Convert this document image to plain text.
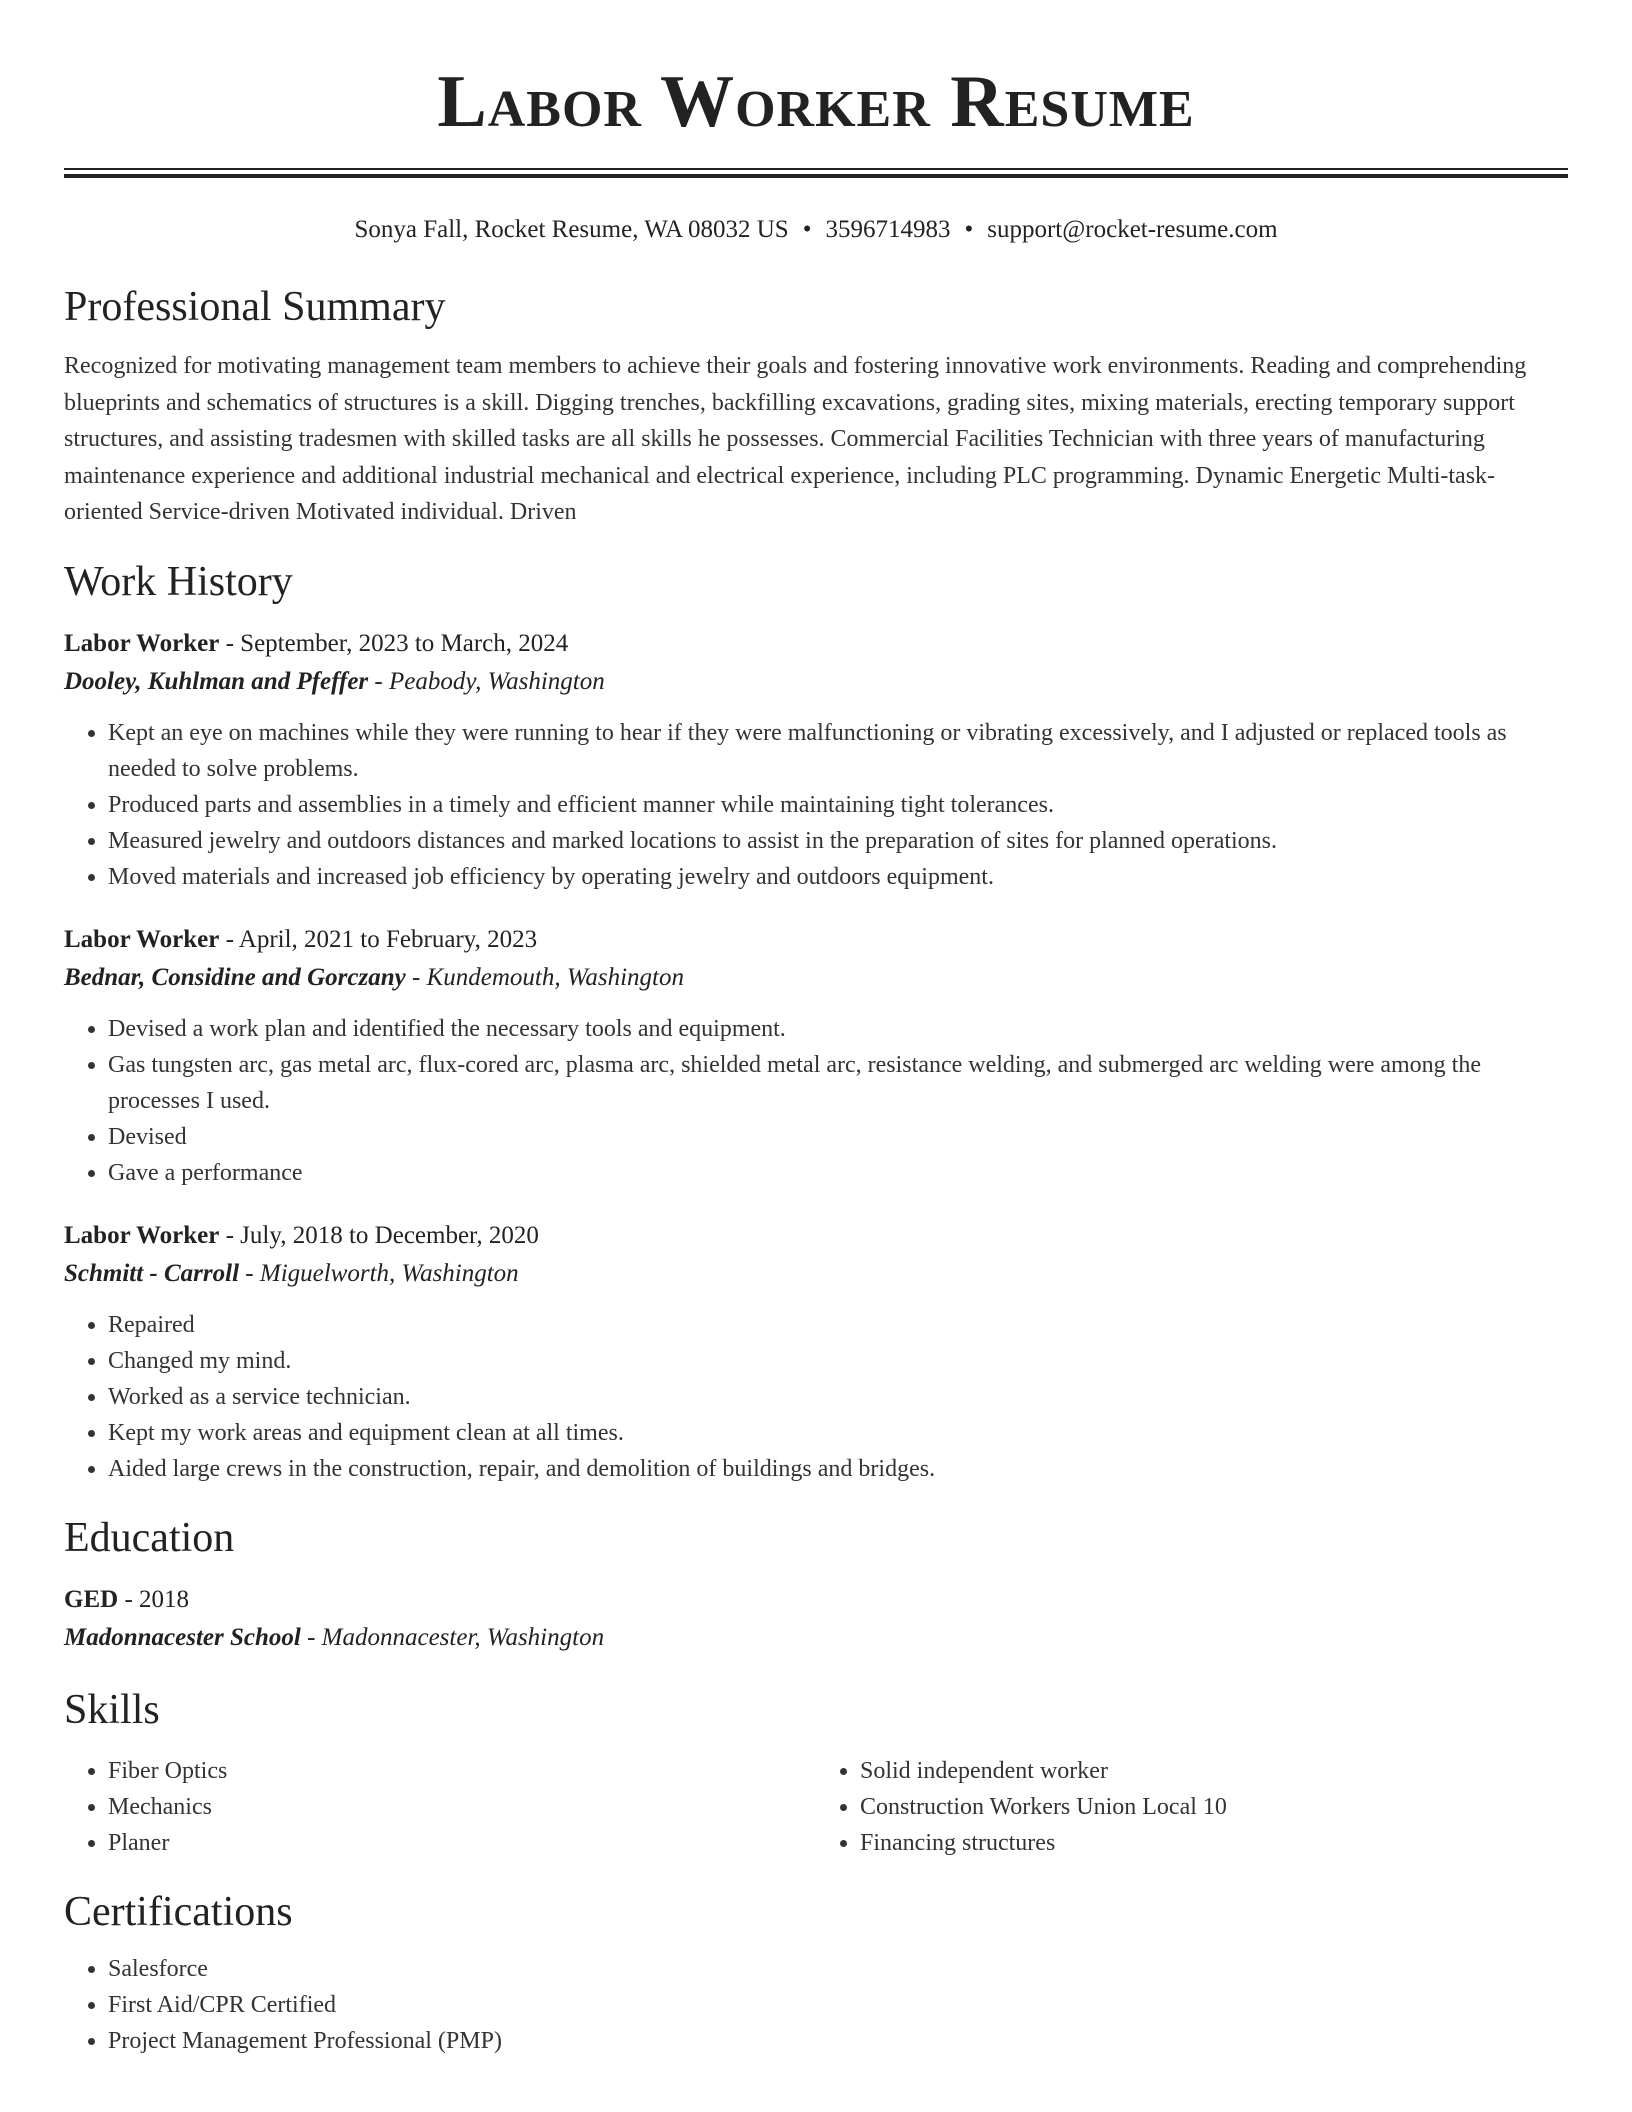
Labor Worker Resume
Sonya Fall, Rocket Resume, WA 08032 US • 3596714983 • support@rocket-resume.com
Professional Summary

Recognized for motivating management team members to achieve their goals and fostering innovative work environments. Reading and comprehending blueprints and schematics of structures is a skill. Digging trenches, backfilling excavations, grading sites, mixing materials, erecting temporary support structures, and assisting tradesmen with skilled tasks are all skills he possesses. Commercial Facilities Technician with three years of manufacturing maintenance experience and additional industrial mechanical and electrical experience, including PLC programming. Dynamic Energetic Multi-task-oriented Service-driven Motivated individual. Driven

Work History
Labor Worker - September, 2023 to March, 2024
Dooley, Kuhlman and Pfeffer - Peabody, Washington
• Kept an eye on machines while they were running to hear if they were malfunctioning or vibrating excessively, and I adjusted or replaced tools as needed to solve problems.
• Produced parts and assemblies in a timely and efficient manner while maintaining tight tolerances.
• Measured jewelry and outdoors distances and marked locations to assist in the preparation of sites for planned operations.
• Moved materials and increased job efficiency by operating jewelry and outdoors equipment.
Labor Worker - April, 2021 to February, 2023
Bednar, Considine and Gorczany - Kundemouth, Washington
• Devised a work plan and identified the necessary tools and equipment.
• Gas tungsten arc, gas metal arc, flux-cored arc, plasma arc, shielded metal arc, resistance welding, and submerged arc welding were among the processes I used.
• Devised
• Gave a performance
Labor Worker - July, 2018 to December, 2020
Schmitt - Carroll - Miguelworth, Washington
• Repaired
• Changed my mind.
• Worked as a service technician.
• Kept my work areas and equipment clean at all times.
• Aided large crews in the construction, repair, and demolition of buildings and bridges.
Education
GED - 2018
Madonnacester School - Madonnacester, Washington
Skills
• Fiber Optics
• Mechanics
• Planer
• Solid independent worker
• Construction Workers Union Local 10
• Financing structures
Certifications
• Salesforce
• First Aid/CPR Certified
• Project Management Professional (PMP)
